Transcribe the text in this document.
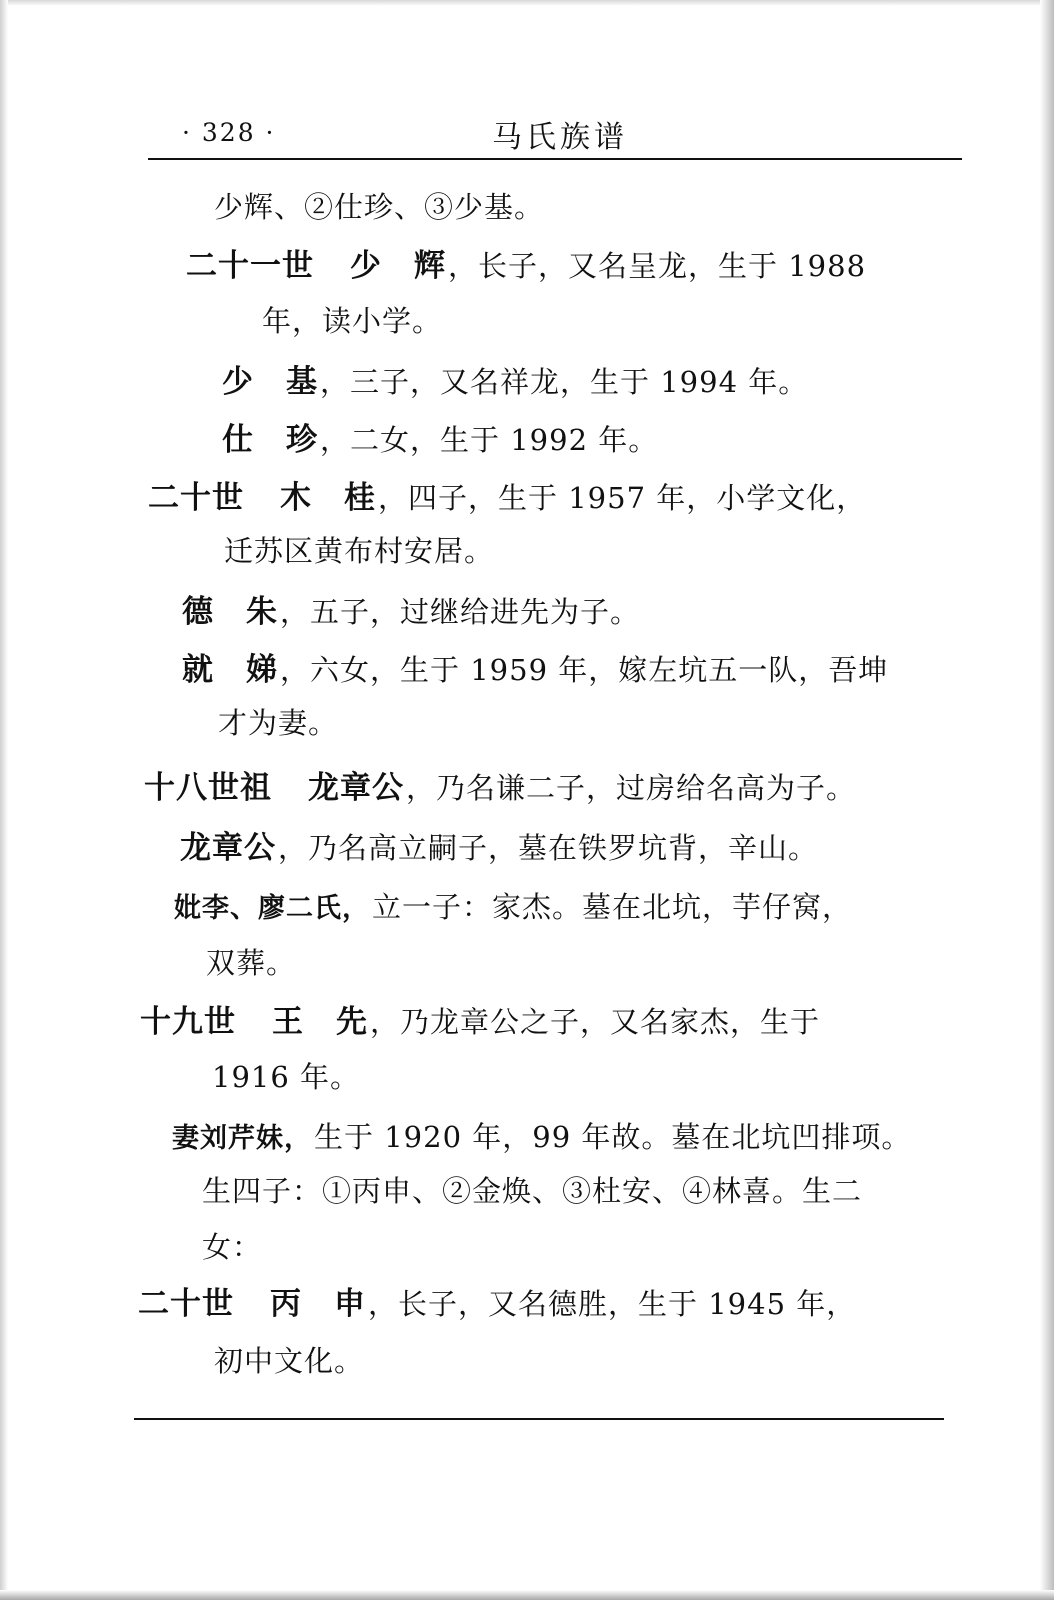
· 328 ·	马氏族谱
少辉、②仕珍、③少基。
二十一世 少　辉，长子，又名呈龙，生于 1988
年，读小学。
少　基，三子，又名祥龙，生于 1994 年。
仕　珍，二女，生于 1992 年。
二十世 木　桂，四子，生于 1957 年，小学文化，
迁苏区黄布村安居。
德　朱，五子，过继给进先为子。
就　娣，六女，生于 1959 年，嫁左坑五一队，吾坤
才为妻。
十八世祖 龙章公，乃名谦二子，过房给名高为子。
龙章公，乃名高立嗣子，墓在铁罗坑背，辛山。
妣李、廖二氏，立一子：家杰。墓在北坑，芋仔窝，
双葬。
十九世 王　先，乃龙章公之子，又名家杰，生于
1916 年。
妻刘芹妹，生于 1920 年，99 年故。墓在北坑凹排项。
生四子：①丙申、②金焕、③杜安、④林喜。生二
女：
二十世 丙　申，长子，又名德胜，生于 1945 年，
初中文化。
